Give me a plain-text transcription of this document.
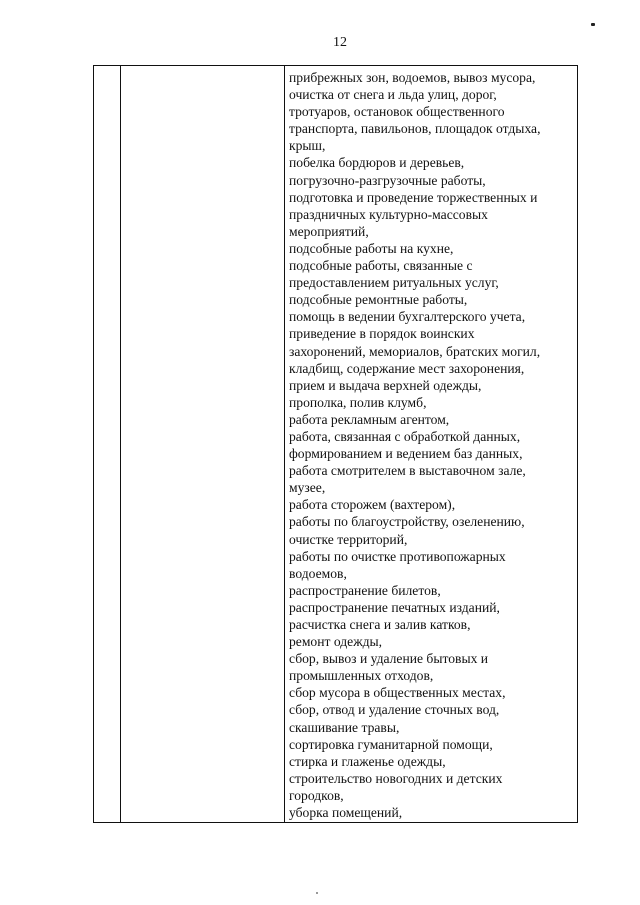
12

прибрежных зон, водоемов, вывоз мусора,
очистка от снега и льда улиц, дорог,
тротуаров, остановок общественного
транспорта, павильонов, площадок отдыха,
крыш,
побелка бордюров и деревьев,
погрузочно-разгрузочные работы,
подготовка и проведение торжественных и
праздничных культурно-массовых
мероприятий,
подсобные работы на кухне,
подсобные работы, связанные с
предоставлением ритуальных услуг,
подсобные ремонтные работы,
помощь в ведении бухгалтерского учета,
приведение в порядок воинских
захоронений, мемориалов, братских могил,
кладбищ, содержание мест захоронения,
прием и выдача верхней одежды,
прополка, полив клумб,
работа рекламным агентом,
работа, связанная с обработкой данных,
формированием и ведением баз данных,
работа смотрителем в выставочном зале,
музее,
работа сторожем (вахтером),
работы по благоустройству, озеленению,
очистке территорий,
работы по очистке противопожарных
водоемов,
распространение билетов,
распространение печатных изданий,
расчистка снега и залив катков,
ремонт одежды,
сбор, вывоз и удаление бытовых и
промышленных отходов,
сбор мусора в общественных местах,
сбор, отвод и удаление сточных вод,
скашивание травы,
сортировка гуманитарной помощи,
стирка и глаженье одежды,
строительство новогодних и детских
городков,
уборка помещений,
